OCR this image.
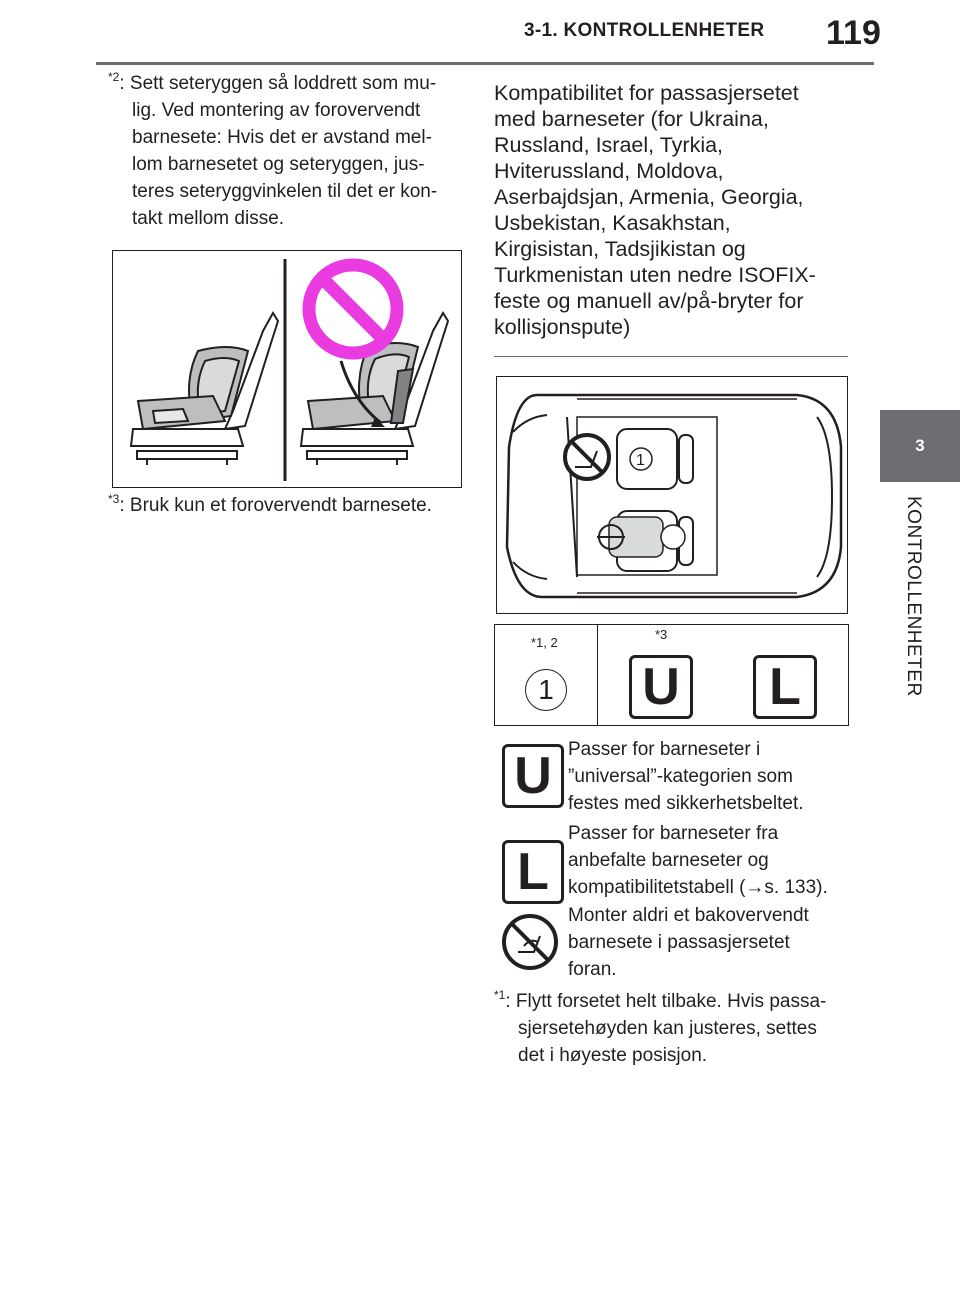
3-1. KONTROLLENHETER 119
3
KONTROLLENHETER
$^{*2}$: Sett seteryggen så loddrett som mu-
lig. Ved montering av forovervendt
barnesete: Hvis det er avstand mel-
lom barnesetet og seteryggen, jus-
teres seteryggvinkelen til det er kon-
takt mellom disse.
$^{*3}$: Bruk kun et forovervendt barnesete.
Kompatibilitet for passasjersetet
med barneseter (for Ukraina,
Russland, Israel, Tyrkia,
Hviterussland, Moldova,
Aserbajdsjan, Armenia, Georgia,
Usbekistan, Kasakhstan,
Kirgisistan, Tadsjikistan og
Turkmenistan uten nedre ISOFIX-
feste og manuell av/på-bryter for
kollisjonspute)
1
*1, 2
*3
1 U L
U Passer for barneseter i
”universal”-kategorien som
festes med sikkerhetsbeltet.
L
Passer for barneseter fra
anbefalte barneseter og
kompatibilitetstabell (→s. 133).
Monter aldri et bakovervendt
barnesete i passasjersetet
foran.
$^{*1}$: Flytt forsetet helt tilbake. Hvis passa-
sjersetehøyden kan justeres, settes
det i høyeste posisjon.
